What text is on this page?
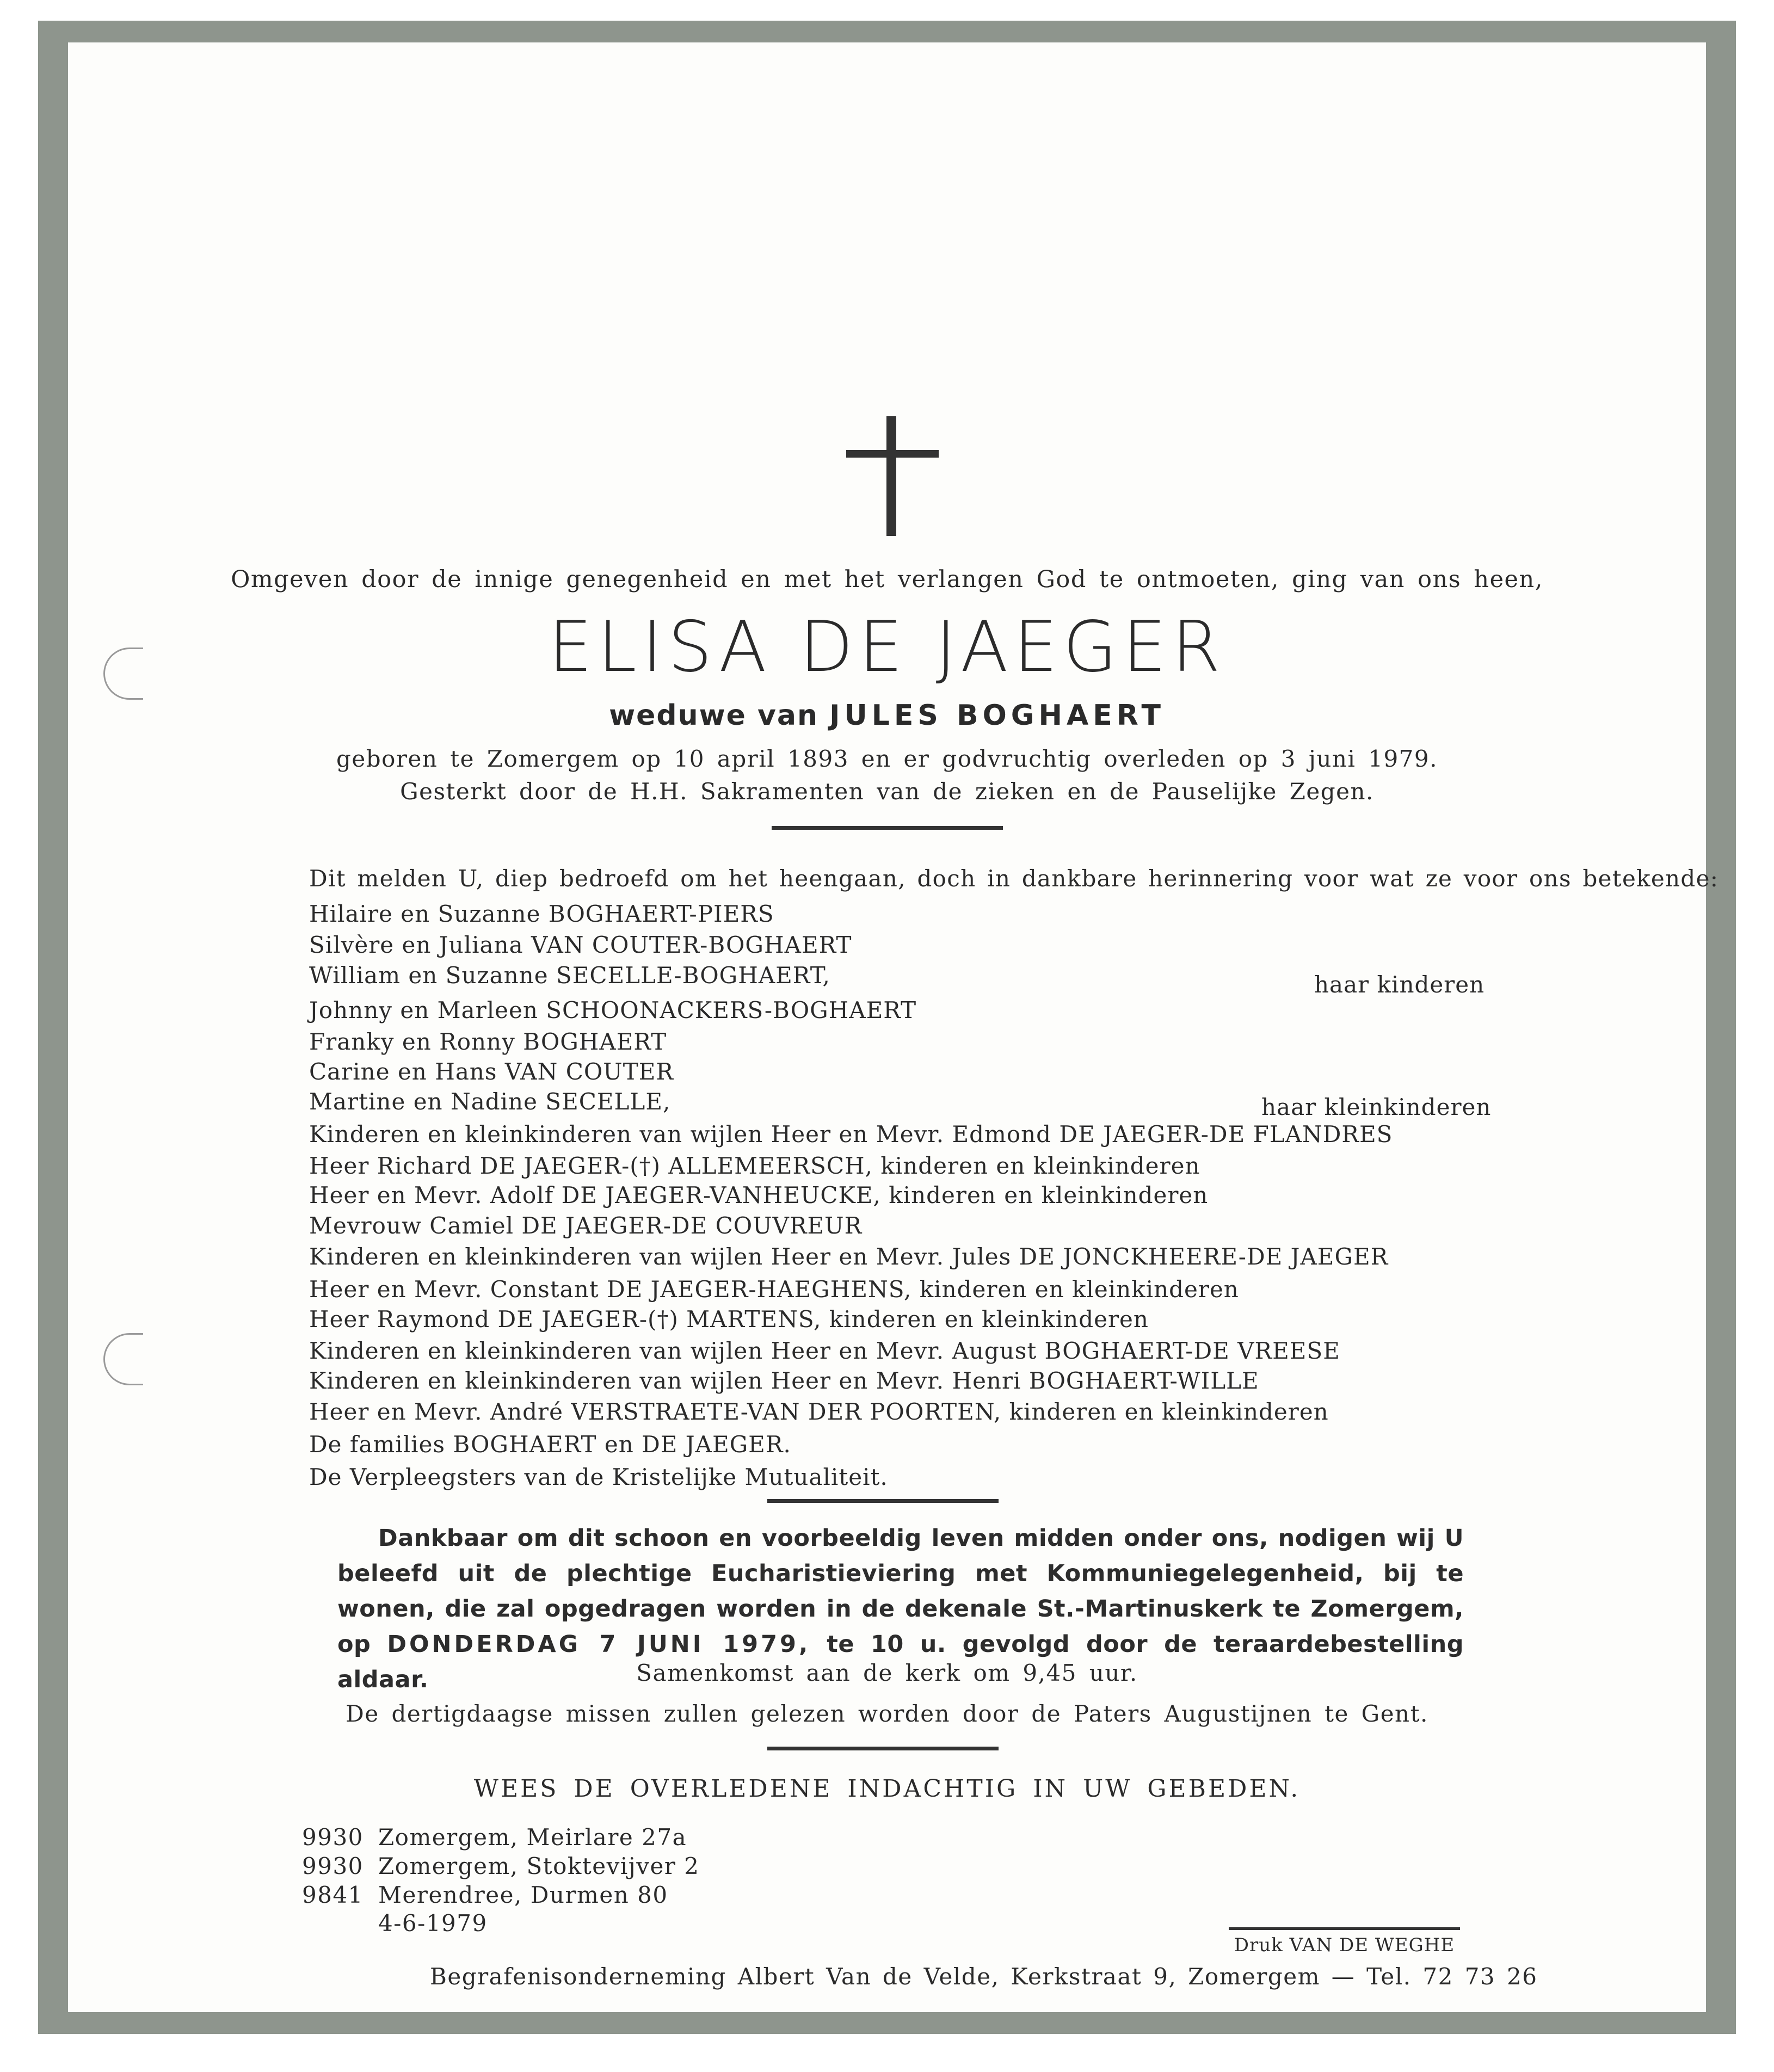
Omgeven door de innige genegenheid en met het verlangen God te ontmoeten, ging van ons heen,
ELISA DE JAEGER
weduwe van JULES BOGHAERT
geboren te Zomergem op 10 april 1893 en er godvruchtig overleden op 3 juni 1979.
Gesterkt door de H.H. Sakramenten van de zieken en de Pauselijke Zegen.
Dit melden U, diep bedroefd om het heengaan, doch in dankbare herinnering voor wat ze voor ons betekende:
Hilaire en Suzanne BOGHAERT-PIERS
Silvère en Juliana VAN COUTER-BOGHAERT
William en Suzanne SECELLE-BOGHAERT,
Johnny en Marleen SCHOONACKERS-BOGHAERT
Franky en Ronny BOGHAERT
Carine en Hans VAN COUTER
Martine en Nadine SECELLE,
Kinderen en kleinkinderen van wijlen Heer en Mevr. Edmond DE JAEGER-DE FLANDRES
Heer Richard DE JAEGER-(†) ALLEMEERSCH, kinderen en kleinkinderen
Heer en Mevr. Adolf DE JAEGER-VANHEUCKE, kinderen en kleinkinderen
Mevrouw Camiel DE JAEGER-DE COUVREUR
Kinderen en kleinkinderen van wijlen Heer en Mevr. Jules DE JONCKHEERE-DE JAEGER
Heer en Mevr. Constant DE JAEGER-HAEGHENS, kinderen en kleinkinderen
Heer Raymond DE JAEGER-(†) MARTENS, kinderen en kleinkinderen
Kinderen en kleinkinderen van wijlen Heer en Mevr. August BOGHAERT-DE VREESE
Kinderen en kleinkinderen van wijlen Heer en Mevr. Henri BOGHAERT-WILLE
Heer en Mevr. André VERSTRAETE-VAN DER POORTEN, kinderen en kleinkinderen
De families BOGHAERT en DE JAEGER.
De Verpleegsters van de Kristelijke Mutualiteit.
haar kinderen
haar kleinkinderen
Dankbaar om dit schoon en voorbeeldig leven midden onder ons, nodigen wij U beleefd uit de plechtige Eucharistieviering met Kommuniegelegenheid, bij te wonen, die zal opgedragen worden in de dekenale St.-Martinuskerk te Zomergem, op DONDERDAG 7 JUNI 1979, te 10 u. gevolgd door de teraardebestelling aldaar.	Samenkomst aan de kerk om 9,45 uur.
De dertigdaagse missen zullen gelezen worden door de Paters Augustijnen te Gent.
WEES DE OVERLEDENE INDACHTIG IN UW GEBEDEN.
9930 Zomergem, Meirlare 27a
9930 Zomergem, Stoktevijver 2
9841 Merendree, Durmen 80
4-6-1979
Druk VAN DE WEGHE
Begrafenisonderneming Albert Van de Velde, Kerkstraat 9, Zomergem — Tel. 72 73 26
